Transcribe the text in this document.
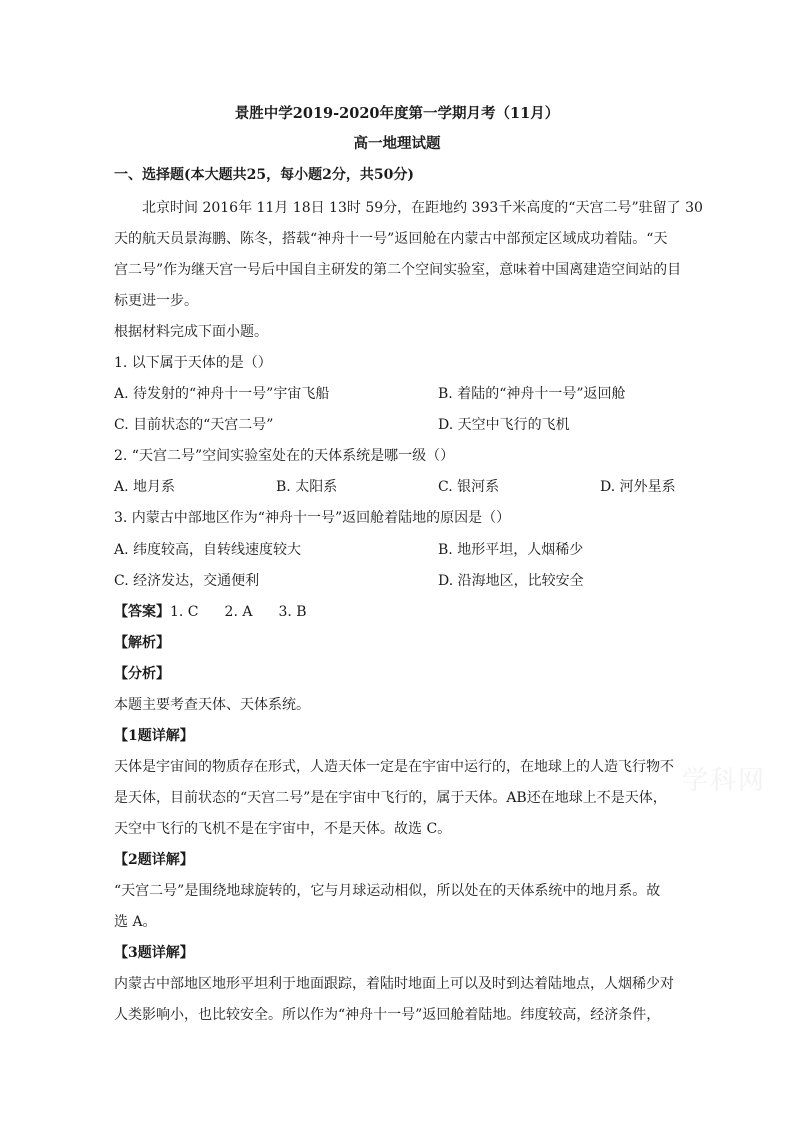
景胜中学2019-2020年度第一学期月考（11月）
高一地理试题
一、选择题(本大题共25，每小题2分，共50分)
北京时间 2016年 11月 18日 13时 59分，在距地约 393千米高度的“天宫二号”驻留了 30
天的航天员景海鹏、陈冬，搭载“神舟十一号”返回舱在内蒙古中部预定区域成功着陆。“天
宫二号”作为继天宫一号后中国自主研发的第二个空间实验室，意味着中国离建造空间站的目
标更进一步。
根据材料完成下面小题。
1. 以下属于天体的是（）
A. 待发射的“神舟十一号”宇宙飞船	B. 着陆的“神舟十一号”返回舱
C. 目前状态的“天宫二号”	D. 天空中飞行的飞机
2. “天宫二号”空间实验室处在的天体系统是哪一级（）
A. 地月系	B. 太阳系	C. 银河系	D. 河外星系
3. 内蒙古中部地区作为“神舟十一号”返回舱着陆地的原因是（）
A. 纬度较高，自转线速度较大	B. 地形平坦，人烟稀少
C. 经济发达，交通便利	D. 沿海地区，比较安全
【答案】1. C 2. A 3. B
【解析】
【分析】
本题主要考查天体、天体系统。
【1题详解】
天体是宇宙间的物质存在形式，人造天体一定是在宇宙中运行的，在地球上的人造飞行物不
是天体，目前状态的“天宫二号”是在宇宙中飞行的，属于天体。AB还在地球上不是天体，
天空中飞行的飞机不是在宇宙中，不是天体。故选 C。
【2题详解】
“天宫二号”是围绕地球旋转的，它与月球运动相似，所以处在的天体系统中的地月系。故
选 A。
【3题详解】
内蒙古中部地区地形平坦利于地面跟踪，着陆时地面上可以及时到达着陆地点，人烟稀少对
人类影响小，也比较安全。所以作为“神舟十一号”返回舱着陆地。纬度较高，经济条件，
学科网
